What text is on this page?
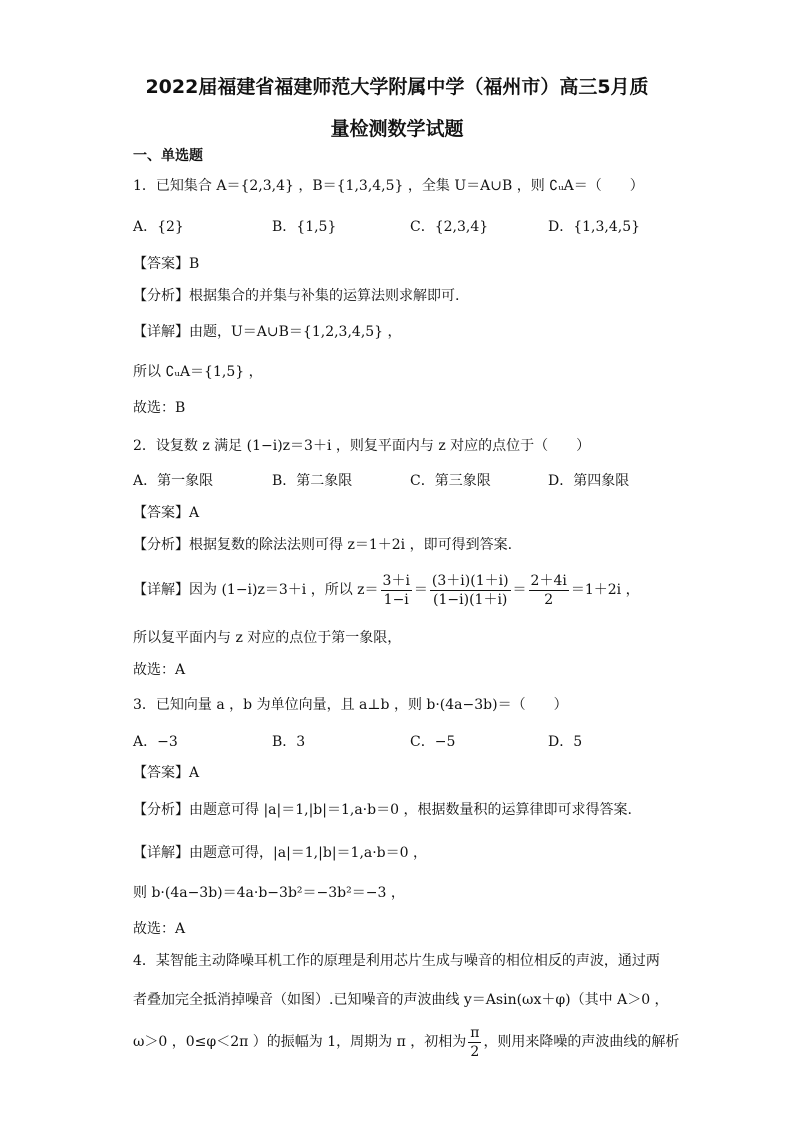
2022届福建省福建师范大学附属中学（福州市）高三5月质
量检测数学试题
一、单选题
1．已知集合 A＝{2,3,4} ，B＝{1,3,4,5} ，全集 U＝A∪B ，则 ∁ᵤA＝（　　）
A．{2}	B．{1,5}	C．{2,3,4}	D．{1,3,4,5}
【答案】B
【分析】根据集合的并集与补集的运算法则求解即可.
【详解】由题，U＝A∪B＝{1,2,3,4,5} ，
所以 ∁ᵤA＝{1,5} ，
故选：B
2．设复数 z 满足 (1−i)z＝3＋i ，则复平面内与 z 对应的点位于（　　）
A．第一象限	B．第二象限	C．第三象限	D．第四象限
【答案】A
【分析】根据复数的除法法则可得 z＝1＋2i ，即可得到答案.
【详解】因为 (1−i)z＝3＋i ，所以 $z= \frac{3+i}{1-i} = \frac{(3+i)(1+i)}{(1-i)(1+i)} = \frac{2+4i}{2} =1+2i$ ，
所以复平面内与 z 对应的点位于第一象限，
故选：A
3．已知向量 a ，b 为单位向量，且 a⊥b ，则 b·(4a−3b)＝（　　）
A．−3	B．3	C．−5	D．5
【答案】A
【分析】由题意可得 |a|＝1,|b|＝1,a·b＝0 ，根据数量积的运算律即可求得答案.
【详解】由题意可得，|a|＝1,|b|＝1,a·b＝0 ，
则 b·(4a−3b)＝4a·b−3b²＝−3b²＝−3 ，
故选：A
4．某智能主动降噪耳机工作的原理是利用芯片生成与噪音的相位相反的声波，通过两
者叠加完全抵消掉噪音（如图）.已知噪音的声波曲线 y＝Asin(ωx＋φ)（其中 A＞0 ，
ω＞0 ，0≤φ＜2π ）的振幅为 1，周期为 π ，初相为 $\frac{\pi}{2}$ ，则用来降噪的声波曲线的解析
